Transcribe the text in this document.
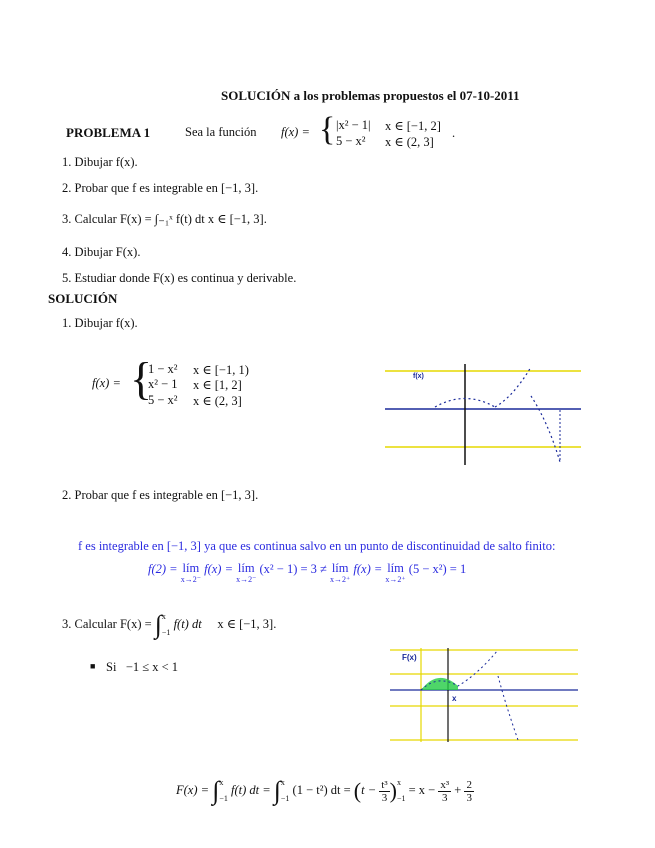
SOLUCIÓN a los problemas propuestos el 07-10-2011
PROBLEMA 1	Sea la función f(x) = { |x² − 1| x ∈ [−1, 2]
5 − x² x ∈ (2, 3]
.
1. Dibujar f(x).
2. Probar que f es integrable en [−1, 3].
3. Calcular F(x) = ∫₋₁ˣ f(t) dt x ∈ [−1, 3].
4. Dibujar F(x).
5. Estudiar donde F(x) es continua y derivable.
SOLUCIÓN
1. Dibujar f(x).
f(x) = {
1 − x² x ∈ [−1, 1)
x² − 1 x ∈ [1, 2]
5 − x² x ∈ (2, 3]
f(x)
2. Probar que f es integrable en [−1, 3].
f es integrable en [−1, 3] ya que es continua salvo en un punto de discontinuidad de salto finito:
f(2) = lím
x→2⁻
f(x) = lím
x→2⁻
(x² − 1) = 3 ≠ lím
x→2⁺
f(x) = lím
x→2⁺
(5 − x²) = 1
3. Calcular F(x) = ∫ x
−1
f(t) dt x ∈ [−1, 3].
■ Si −1 ≤ x < 1
F(x)
x
F(x) = ∫ x
−1
f(t) dt = ∫ x
−1
(1 − t²) dt = ($t - \frac{\text{t³}}{3}$ ) x
−1
= $x - \frac{\text{x³}}{3} + \frac{2}{3}$
